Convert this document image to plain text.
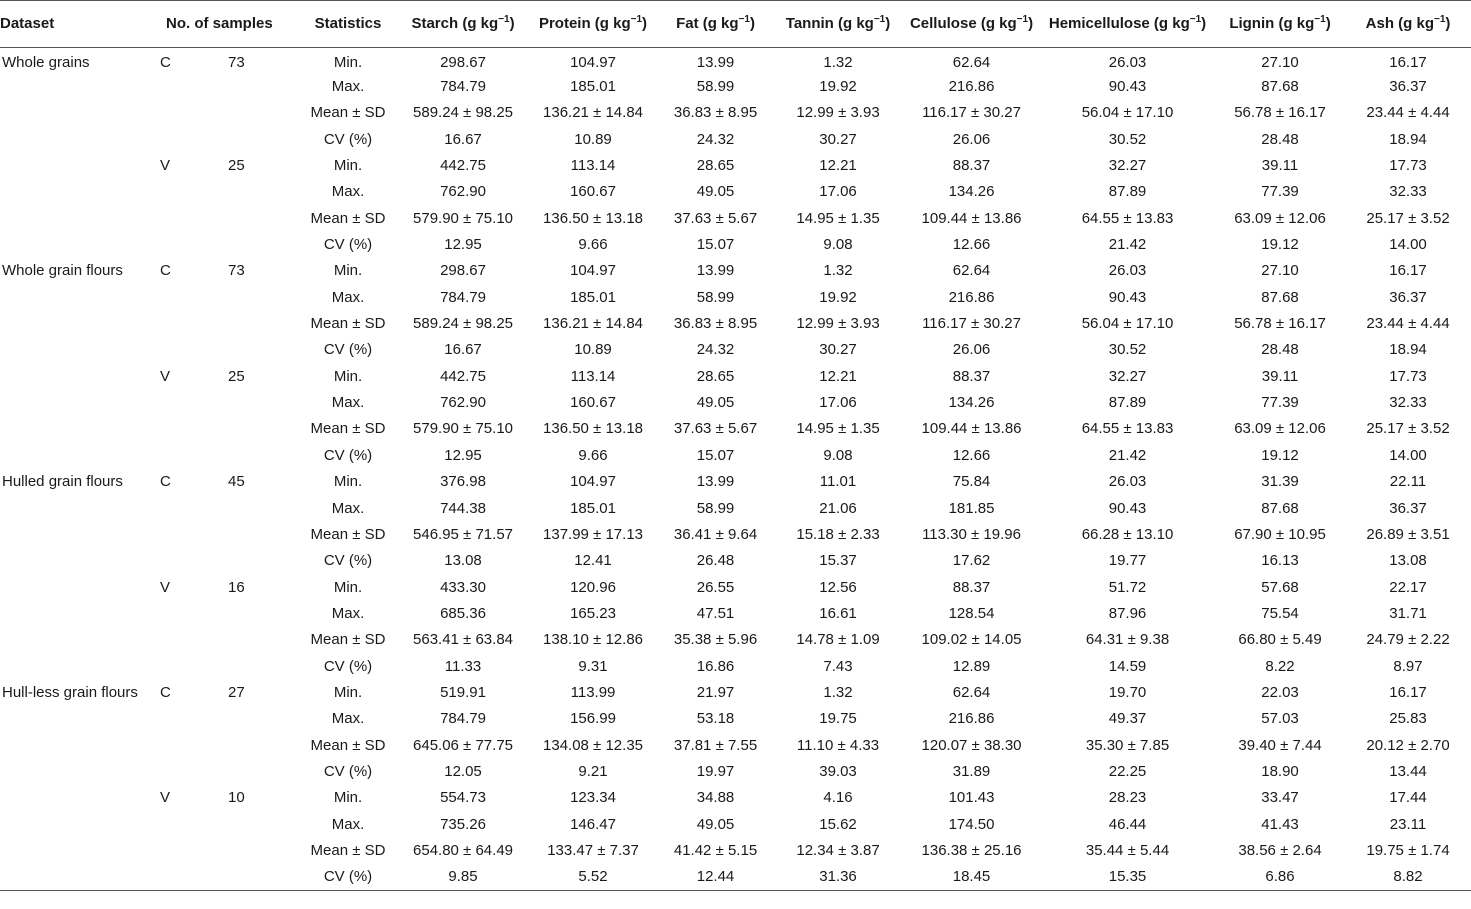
Dataset	No. of samples		Statistics	Starch (g $kg^{-1}$)	Protein (g $kg^{-1}$)	Fat (g $kg^{-1}$)	Tannin (g $kg^{-1}$)	Cellulose (g $kg^{-1}$)	Hemicellulose (g $kg^{-1}$)	Lignin (g $kg^{-1}$)	Ash (g $kg^{-1}$)
Whole grains	C	73	Min.	298.67	104.97	13.99	1.32	62.64	26.03	27.10	16.17
			Max.	784.79	185.01	58.99	19.92	216.86	90.43	87.68	36.37
			Mean ± SD	589.24 ± 98.25	136.21 ± 14.84	36.83 ± 8.95	12.99 ± 3.93	116.17 ± 30.27	56.04 ± 17.10	56.78 ± 16.17	23.44 ± 4.44
			CV (%)	16.67	10.89	24.32	30.27	26.06	30.52	28.48	18.94
	V	25	Min.	442.75	113.14	28.65	12.21	88.37	32.27	39.11	17.73
			Max.	762.90	160.67	49.05	17.06	134.26	87.89	77.39	32.33
			Mean ± SD	579.90 ± 75.10	136.50 ± 13.18	37.63 ± 5.67	14.95 ± 1.35	109.44 ± 13.86	64.55 ± 13.83	63.09 ± 12.06	25.17 ± 3.52
			CV (%)	12.95	9.66	15.07	9.08	12.66	21.42	19.12	14.00
Whole grain flours	C	73	Min.	298.67	104.97	13.99	1.32	62.64	26.03	27.10	16.17
			Max.	784.79	185.01	58.99	19.92	216.86	90.43	87.68	36.37
			Mean ± SD	589.24 ± 98.25	136.21 ± 14.84	36.83 ± 8.95	12.99 ± 3.93	116.17 ± 30.27	56.04 ± 17.10	56.78 ± 16.17	23.44 ± 4.44
			CV (%)	16.67	10.89	24.32	30.27	26.06	30.52	28.48	18.94
	V	25	Min.	442.75	113.14	28.65	12.21	88.37	32.27	39.11	17.73
			Max.	762.90	160.67	49.05	17.06	134.26	87.89	77.39	32.33
			Mean ± SD	579.90 ± 75.10	136.50 ± 13.18	37.63 ± 5.67	14.95 ± 1.35	109.44 ± 13.86	64.55 ± 13.83	63.09 ± 12.06	25.17 ± 3.52
			CV (%)	12.95	9.66	15.07	9.08	12.66	21.42	19.12	14.00
Hulled grain flours	C	45	Min.	376.98	104.97	13.99	11.01	75.84	26.03	31.39	22.11
			Max.	744.38	185.01	58.99	21.06	181.85	90.43	87.68	36.37
			Mean ± SD	546.95 ± 71.57	137.99 ± 17.13	36.41 ± 9.64	15.18 ± 2.33	113.30 ± 19.96	66.28 ± 13.10	67.90 ± 10.95	26.89 ± 3.51
			CV (%)	13.08	12.41	26.48	15.37	17.62	19.77	16.13	13.08
	V	16	Min.	433.30	120.96	26.55	12.56	88.37	51.72	57.68	22.17
			Max.	685.36	165.23	47.51	16.61	128.54	87.96	75.54	31.71
			Mean ± SD	563.41 ± 63.84	138.10 ± 12.86	35.38 ± 5.96	14.78 ± 1.09	109.02 ± 14.05	64.31 ± 9.38	66.80 ± 5.49	24.79 ± 2.22
			CV (%)	11.33	9.31	16.86	7.43	12.89	14.59	8.22	8.97
Hull-less grain flours	C	27	Min.	519.91	113.99	21.97	1.32	62.64	19.70	22.03	16.17
			Max.	784.79	156.99	53.18	19.75	216.86	49.37	57.03	25.83
			Mean ± SD	645.06 ± 77.75	134.08 ± 12.35	37.81 ± 7.55	11.10 ± 4.33	120.07 ± 38.30	35.30 ± 7.85	39.40 ± 7.44	20.12 ± 2.70
			CV (%)	12.05	9.21	19.97	39.03	31.89	22.25	18.90	13.44
	V	10	Min.	554.73	123.34	34.88	4.16	101.43	28.23	33.47	17.44
			Max.	735.26	146.47	49.05	15.62	174.50	46.44	41.43	23.11
			Mean ± SD	654.80 ± 64.49	133.47 ± 7.37	41.42 ± 5.15	12.34 ± 3.87	136.38 ± 25.16	35.44 ± 5.44	38.56 ± 2.64	19.75 ± 1.74
			CV (%)	9.85	5.52	12.44	31.36	18.45	15.35	6.86	8.82
